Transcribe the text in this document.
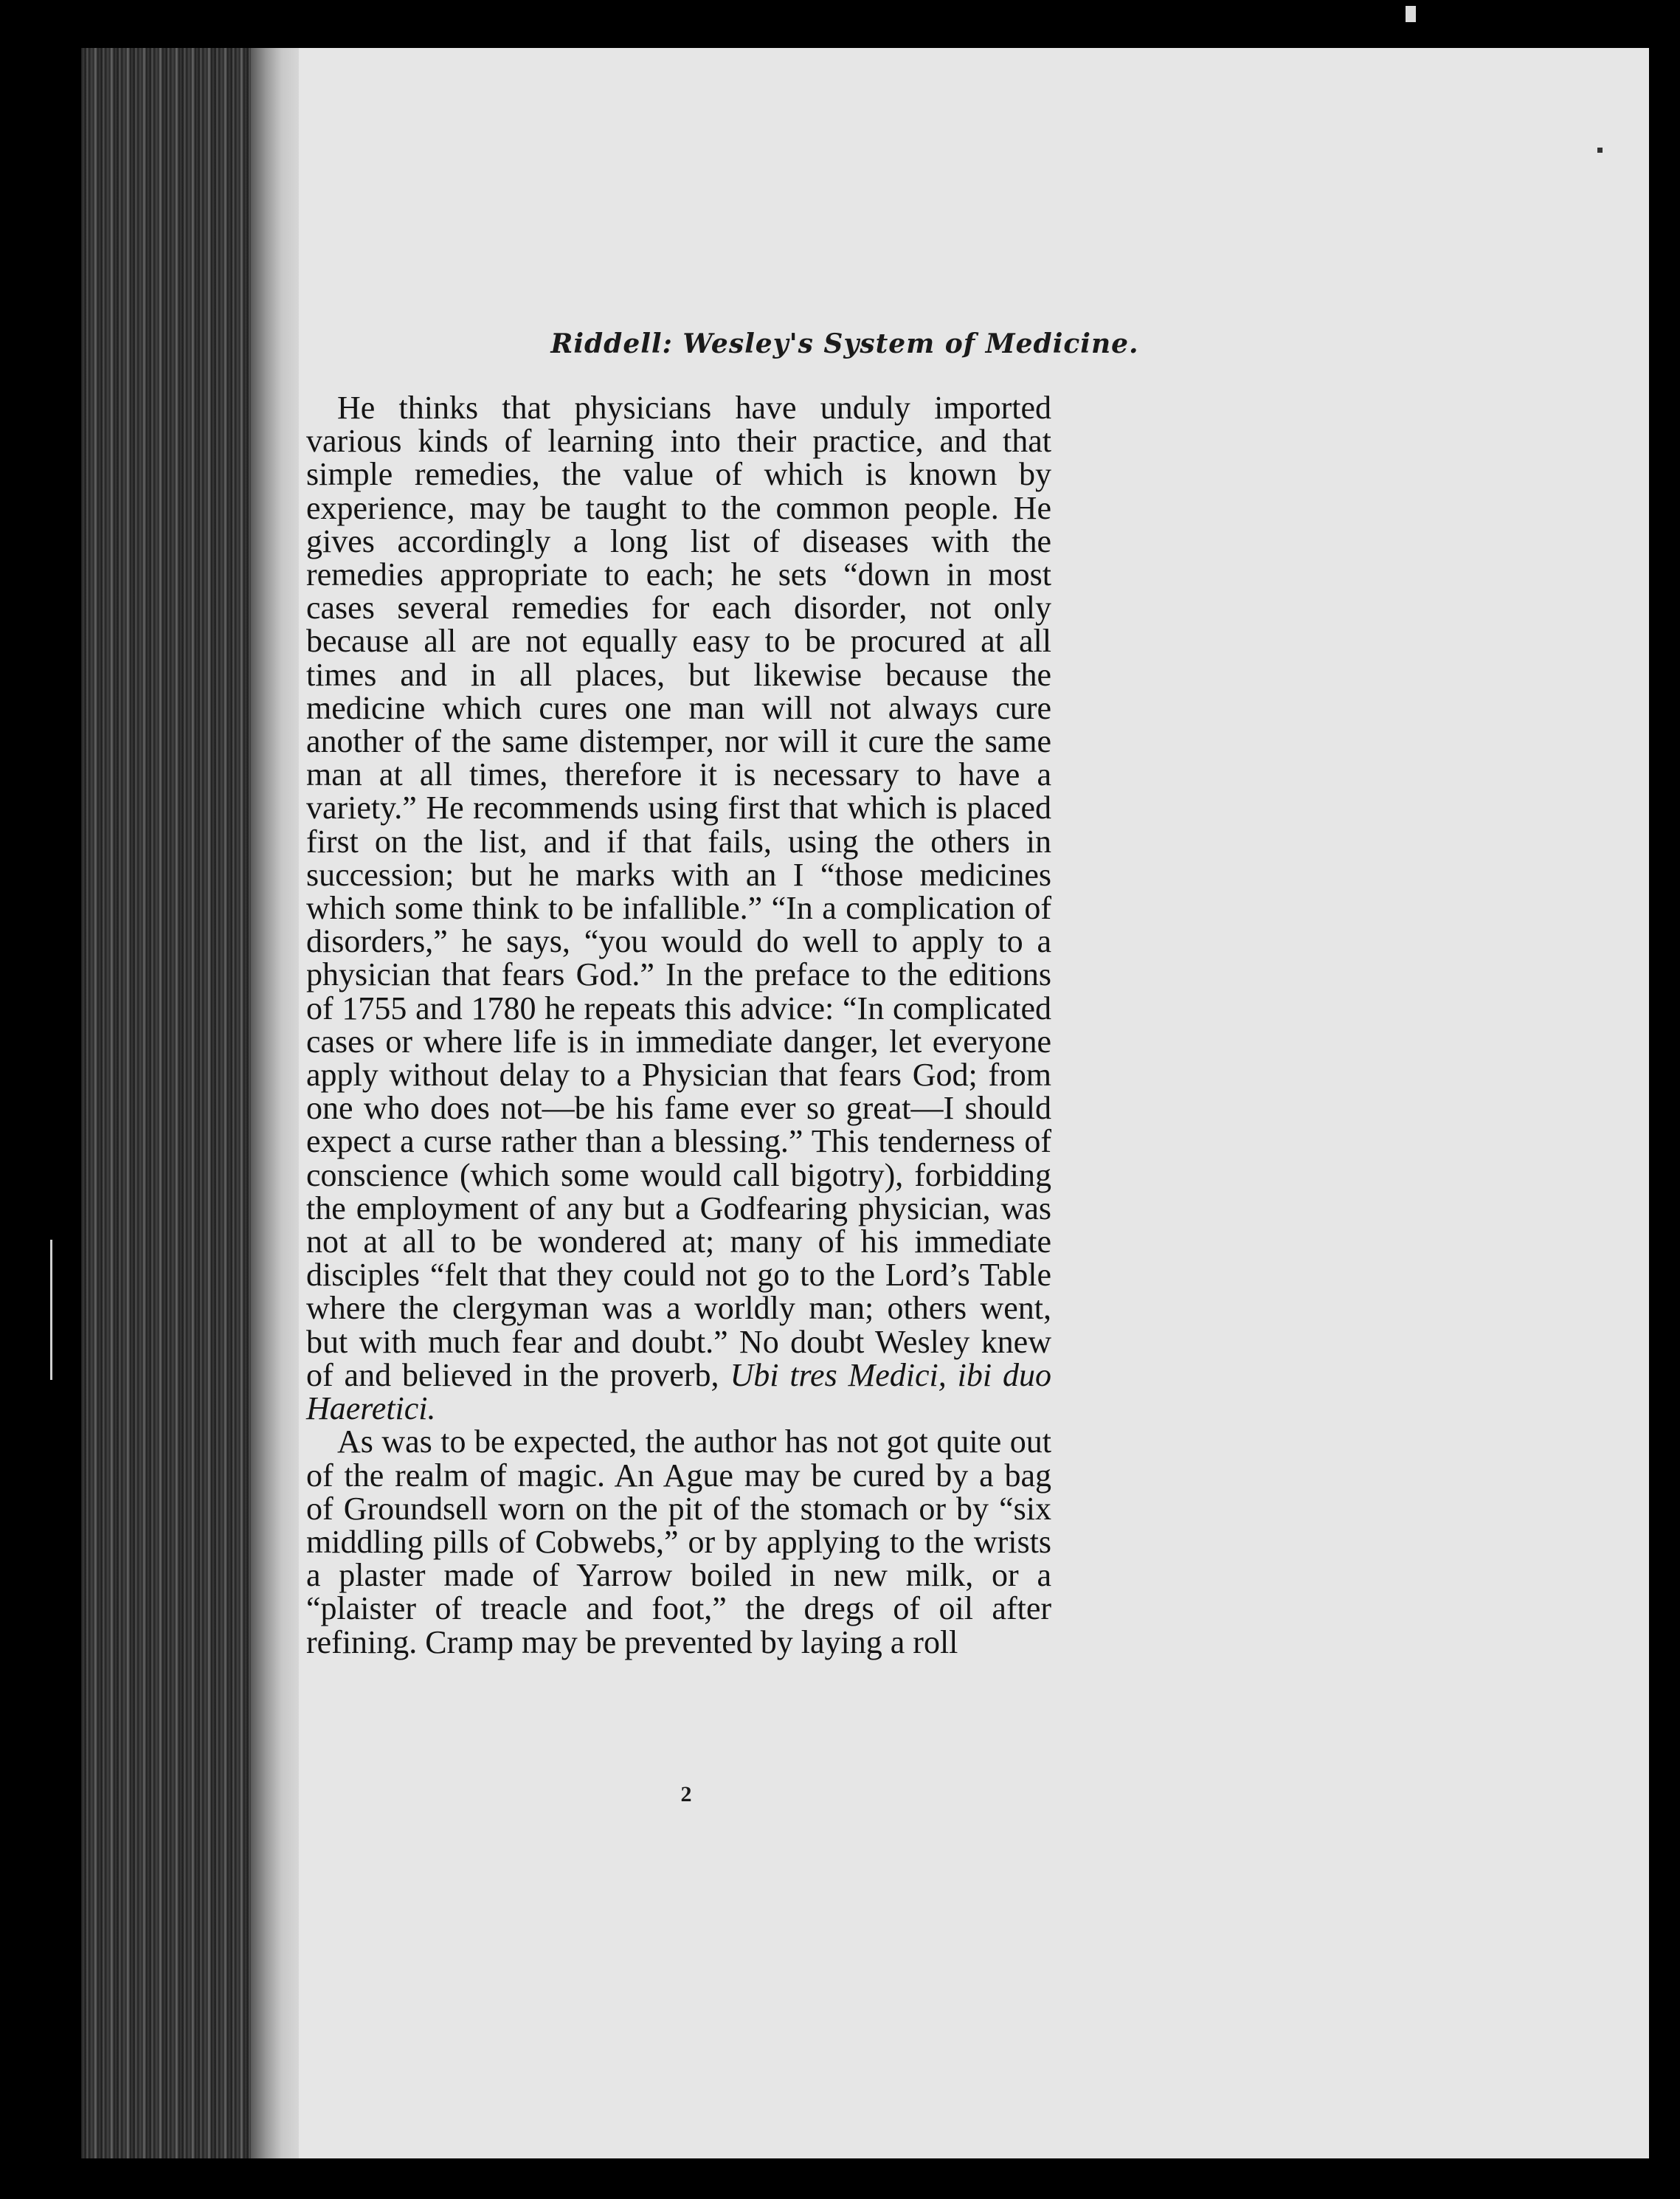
Riddell: Wesley's System of Medicine.

He thinks that physicians have unduly imported various kinds of learning into their practice, and that simple remedies, the value of which is known by experience, may be taught to the common people. He gives accordingly a long list of diseases with the remedies appropriate to each; he sets “down in most cases several remedies for each disorder, not only because all are not equally easy to be procured at all times and in all places, but likewise because the medicine which cures one man will not always cure another of the same distemper, nor will it cure the same man at all times, therefore it is necessary to have a variety.” He recommends using first that which is placed first on the list, and if that fails, using the others in succession; but he marks with an I “those medicines which some think to be infallible.” “In a complication of disorders,” he says, “you would do well to apply to a physician that fears God.” In the preface to the editions of 1755 and 1780 he repeats this advice: “In complicated cases or where life is in immediate danger, let everyone apply without delay to a Physician that fears God; from one who does not—be his fame ever so great—I should expect a curse rather than a blessing.” This tenderness of conscience (which some would call bigotry), forbidding the employment of any but a Godfearing physician, was not at all to be wondered at; many of his immediate disciples “felt that they could not go to the Lord’s Table where the clergyman was a worldly man; others went, but with much fear and doubt.” No doubt Wesley knew of and believed in the proverb, Ubi tres Medici, ibi duo Haeretici.

As was to be expected, the author has not got quite out of the realm of magic. An Ague may be cured by a bag of Groundsell worn on the pit of the stomach or by “six middling pills of Cobwebs,” or by applying to the wrists a plaster made of Yarrow boiled in new milk, or a “plaister of treacle and foot,” the dregs of oil after refining. Cramp may be prevented by laying a roll

2
